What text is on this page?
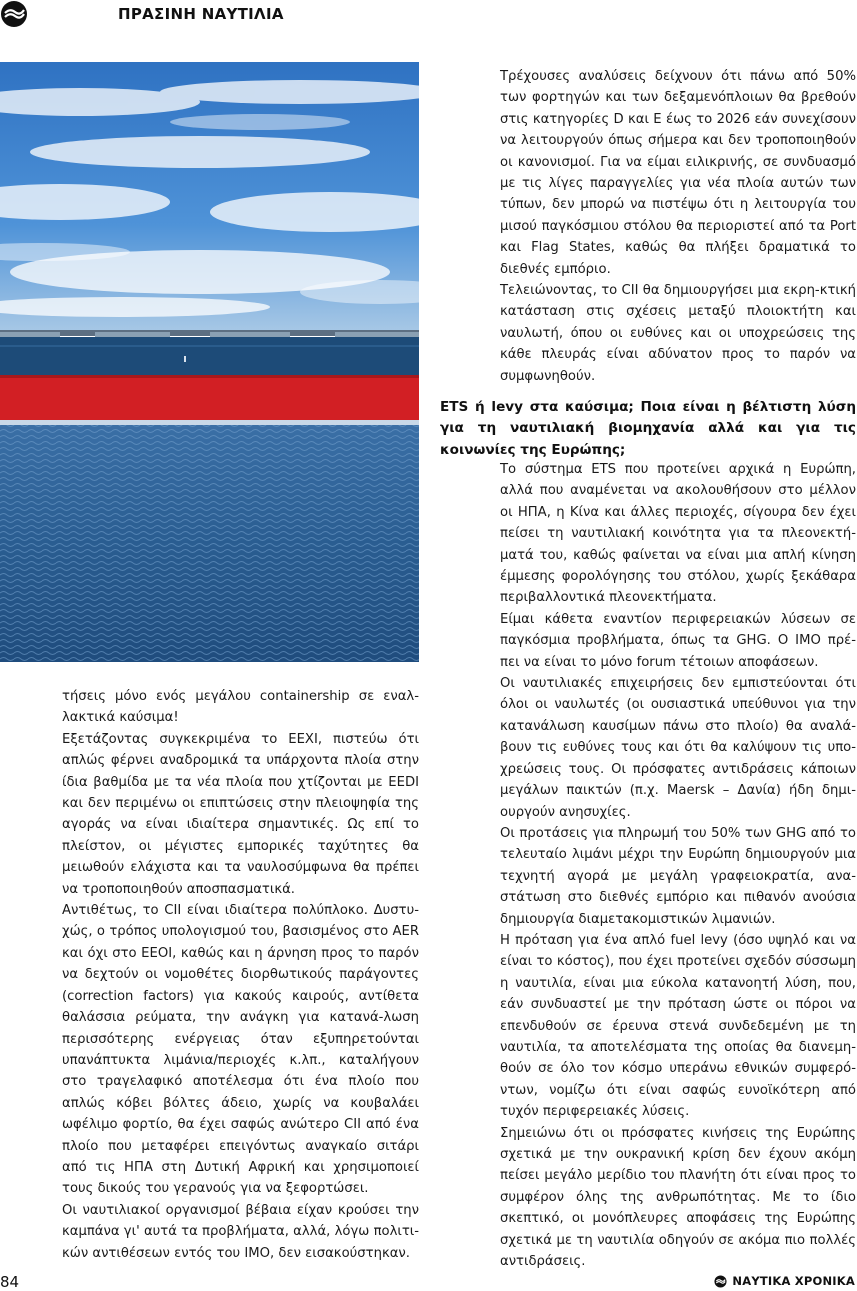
ΠΡΑΣΙΝΗ ΝΑΥΤΙΛΙΑ

τήσεις μόνο ενός μεγάλου containership σε εναλ-λακτικά καύσιμα!

Εξετάζοντας συγκεκριμένα το ΕΕΧΙ, πιστεύω ότι απλώς φέρνει αναδρομικά τα υπάρχοντα πλοία στην ίδια βαθμίδα με τα νέα πλοία που χτίζονται με EEDI και δεν περιμένω οι επιπτώσεις στην πλειοψηφία της αγοράς να είναι ιδιαίτερα σημαντικές. Ως επί το πλείστον, οι μέγιστες εμπορικές ταχύτητες θα μειωθούν ελάχιστα και τα ναυλοσύμφωνα θα πρέπει να τροποποιηθούν αποσπασματικά.

Αντιθέτως, το CII είναι ιδιαίτερα πολύπλοκο. Δυστυ-χώς, ο τρόπος υπολογισμού του, βασισμένος στο AER και όχι στο EEOI, καθώς και η άρνηση προς το παρόν να δεχτούν οι νομοθέτες διορθωτικούς παράγοντες (correction factors) για κακούς καιρούς, αντίθετα θαλάσσια ρεύματα, την ανάγκη για κατανά-λωση περισσότερης ενέργειας όταν εξυπηρετούνται υπανάπτυκτα λιμάνια/περιοχές κ.λπ., καταλήγουν στο τραγελαφικό αποτέλεσμα ότι ένα πλοίο που απλώς κόβει βόλτες άδειο, χωρίς να κουβαλάει ωφέλιμο φορτίο, θα έχει σαφώς ανώτερο CII από ένα πλοίο που μεταφέρει επειγόντως αναγκαίο σιτάρι από τις ΗΠΑ στη Δυτική Αφρική και χρησιμοποιεί τους δικούς του γερανούς για να ξεφορτώσει.

Οι ναυτιλιακοί οργανισμοί βέβαια είχαν κρούσει την καμπάνα γι' αυτά τα προβλήματα, αλλά, λόγω πολιτι-κών αντιθέσεων εντός του ΙΜΟ, δεν εισακούστηκαν.

Τρέχουσες αναλύσεις δείχνουν ότι πάνω από 50% των φορτηγών και των δεξαμενόπλοιων θα βρεθούν στις κατηγορίες D και E έως το 2026 εάν συνεχίσουν να λειτουργούν όπως σήμερα και δεν τροποποιηθούν οι κανονισμοί. Για να είμαι ειλικρινής, σε συνδυασμό με τις λίγες παραγγελίες για νέα πλοία αυτών των τύπων, δεν μπορώ να πιστέψω ότι η λειτουργία του μισού παγκόσμιου στόλου θα περιοριστεί από τα Port και Flag States, καθώς θα πλήξει δραματικά το διεθνές εμπόριο.

Τελειώνοντας, το CII θα δημιουργήσει μια εκρη-κτική κατάσταση στις σχέσεις μεταξύ πλοιοκτήτη και ναυλωτή, όπου οι ευθύνες και οι υποχρεώσεις της κάθε πλευράς είναι αδύνατον προς το παρόν να συμφωνηθούν.

ETS ή levy στα καύσιμα; Ποια είναι η βέλτιστη λύση για τη ναυτιλιακή βιομηχανία αλλά και για τις κοινωνίες της Ευρώπης;

Το σύστημα ETS που προτείνει αρχικά η Ευρώπη, αλλά που αναμένεται να ακολουθήσουν στο μέλλον οι ΗΠΑ, η Κίνα και άλλες περιοχές, σίγουρα δεν έχει πείσει τη ναυτιλιακή κοινότητα για τα πλεονεκτή-ματά του, καθώς φαίνεται να είναι μια απλή κίνηση έμμεσης φορολόγησης του στόλου, χωρίς ξεκάθαρα περιβαλλοντικά πλεονεκτήματα.

Είμαι κάθετα εναντίον περιφερειακών λύσεων σε παγκόσμια προβλήματα, όπως τα GHG. Ο ΙΜΟ πρέ-πει να είναι το μόνο forum τέτοιων αποφάσεων.

Οι ναυτιλιακές επιχειρήσεις δεν εμπιστεύονται ότι όλοι οι ναυλωτές (οι ουσιαστικά υπεύθυνοι για την κατανάλωση καυσίμων πάνω στο πλοίο) θα αναλά-βουν τις ευθύνες τους και ότι θα καλύψουν τις υπο-χρεώσεις τους. Οι πρόσφατες αντιδράσεις κάποιων μεγάλων παικτών (π.χ. Maersk – Δανία) ήδη δημι-ουργούν ανησυχίες.

Οι προτάσεις για πληρωμή του 50% των GHG από το τελευταίο λιμάνι μέχρι την Ευρώπη δημιουργούν μια τεχνητή αγορά με μεγάλη γραφειοκρατία, ανα-στάτωση στο διεθνές εμπόριο και πιθανόν ανούσια δημιουργία διαμετακομιστικών λιμανιών.

Η πρόταση για ένα απλό fuel levy (όσο υψηλό και να είναι το κόστος), που έχει προτείνει σχεδόν σύσσωμη η ναυτιλία, είναι μια εύκολα κατανοητή λύση, που, εάν συνδυαστεί με την πρόταση ώστε οι πόροι να επενδυθούν σε έρευνα στενά συνδεδεμένη με τη ναυτιλία, τα αποτελέσματα της οποίας θα διανεμη-θούν σε όλο τον κόσμο υπεράνω εθνικών συμφερό-ντων, νομίζω ότι είναι σαφώς ευνοϊκότερη από τυχόν περιφερειακές λύσεις.

Σημειώνω ότι οι πρόσφατες κινήσεις της Ευρώπης σχετικά με την ουκρανική κρίση δεν έχουν ακόμη πείσει μεγάλο μερίδιο του πλανήτη ότι είναι προς το συμφέρον όλης της ανθρωπότητας. Με το ίδιο σκεπτικό, οι μονόπλευρες αποφάσεις της Ευρώπης σχετικά με τη ναυτιλία οδηγούν σε ακόμα πιο πολλές αντιδράσεις.

84	ΝΑΥΤΙΚΑ ΧΡΟΝΙΚΑ
